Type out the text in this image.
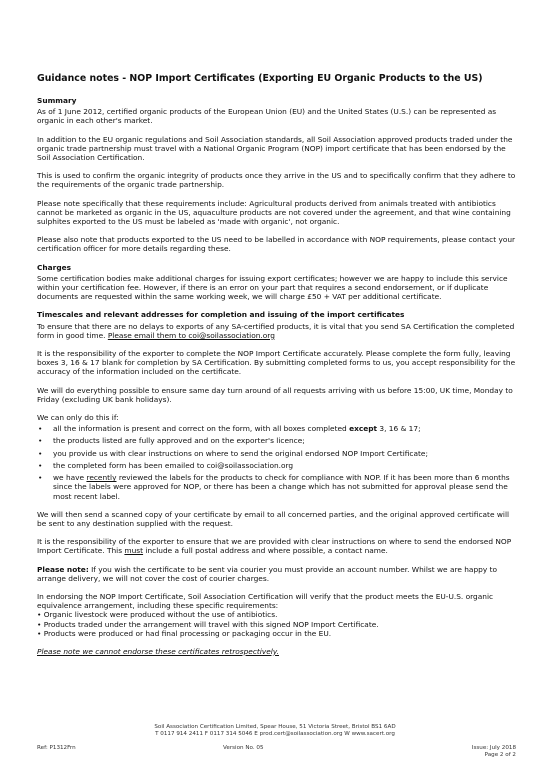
Guidance notes - NOP Import Certificates (Exporting EU Organic Products to the US)

Summary

As of 1 June 2012, certified organic products of the European Union (EU) and the United States (U.S.) can be represented as organic in each other's market.

In addition to the EU organic regulations and Soil Association standards, all Soil Association approved products traded under the organic trade partnership must travel with a National Organic Program (NOP) import certificate that has been endorsed by the Soil Association Certification.

This is used to confirm the organic integrity of products once they arrive in the US and to specifically confirm that they adhere to the requirements of the organic trade partnership.

Please note specifically that these requirements include: Agricultural products derived from animals treated with antibiotics cannot be marketed as organic in the US, aquaculture products are not covered under the agreement, and that wine containing sulphites exported to the US must be labeled as 'made with organic', not organic.

Please also note that products exported to the US need to be labelled in accordance with NOP requirements, please contact your certification officer for more details regarding these.

Charges

Some certification bodies make additional charges for issuing export certificates; however we are happy to include this service within your certification fee. However, if there is an error on your part that requires a second endorsement, or if duplicate documents are requested within the same working week, we will charge £50 + VAT per additional certificate.

Timescales and relevant addresses for completion and issuing of the import certificates

To ensure that there are no delays to exports of any SA-certified products, it is vital that you send SA Certification the completed form in good time. Please email them to coi@soilassociation.org

It is the responsibility of the exporter to complete the NOP Import Certificate accurately. Please complete the form fully, leaving boxes 3, 16 & 17 blank for completion by SA Certification. By submitting completed forms to us, you accept responsibility for the accuracy of the information included on the certificate.

We will do everything possible to ensure same day turn around of all requests arriving with us before 15:00, UK time, Monday to Friday (excluding UK bank holidays).

We can only do this if:

• all the information is present and correct on the form, with all boxes completed except 3, 16 & 17;
• the products listed are fully approved and on the exporter's licence;
• you provide us with clear instructions on where to send the original endorsed NOP Import Certificate;
• the completed form has been emailed to coi@soilassociation.org
• we have recently reviewed the labels for the products to check for compliance with NOP. If it has been more than 6 months since the labels were approved for NOP, or there has been a change which has not submitted for approval please send the most recent label.

We will then send a scanned copy of your certificate by email to all concerned parties, and the original approved certificate will be sent to any destination supplied with the request.

It is the responsibility of the exporter to ensure that we are provided with clear instructions on where to send the endorsed NOP Import Certificate. This must include a full postal address and where possible, a contact name.

Please note: If you wish the certificate to be sent via courier you must provide an account number. Whilst we are happy to arrange delivery, we will not cover the cost of courier charges.

In endorsing the NOP Import Certificate, Soil Association Certification will verify that the product meets the EU-U.S. organic equivalence arrangement, including these specific requirements:
• Organic livestock were produced without the use of antibiotics.
• Products traded under the arrangement will travel with this signed NOP Import Certificate.
• Products were produced or had final processing or packaging occur in the EU.

Please note we cannot endorse these certificates retrospectively.

Soil Association Certification Limited, Spear House, 51 Victoria Street, Bristol BS1 6AD
T 0117 914 2411 F 0117 314 5046 E prod.cert@soilassociation.org W www.sacert.org
Ref: P1312Frn	Version No. 05	Issue: July 2018
Page 2 of 2
